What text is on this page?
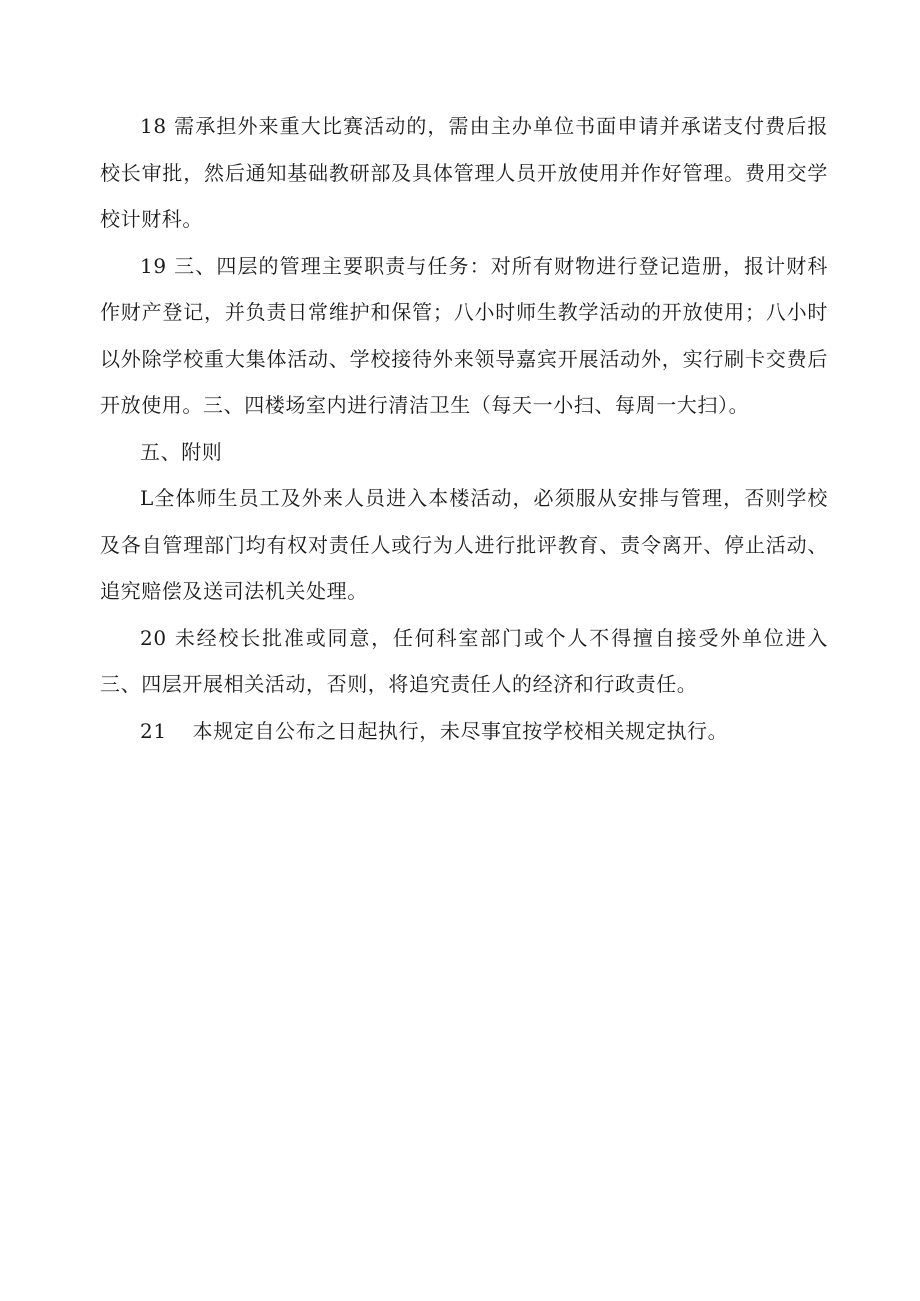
18 需承担外来重大比赛活动的，需由主办单位书面申请并承诺支付费后报校长审批，然后通知基础教研部及具体管理人员开放使用并作好管理。费用交学校计财科。

19 三、四层的管理主要职责与任务：对所有财物进行登记造册，报计财科作财产登记，并负责日常维护和保管；八小时师生教学活动的开放使用；八小时以外除学校重大集体活动、学校接待外来领导嘉宾开展活动外，实行刷卡交费后开放使用。三、四楼场室内进行清洁卫生（每天一小扫、每周一大扫）。

五、附则

L全体师生员工及外来人员进入本楼活动，必须服从安排与管理，否则学校及各自管理部门均有权对责任人或行为人进行批评教育、责令离开、停止活动、追究赔偿及送司法机关处理。

20 未经校长批准或同意，任何科室部门或个人不得擅自接受外单位进入三、四层开展相关活动，否则，将追究责任人的经济和行政责任。

21 本规定自公布之日起执行，未尽事宜按学校相关规定执行。
